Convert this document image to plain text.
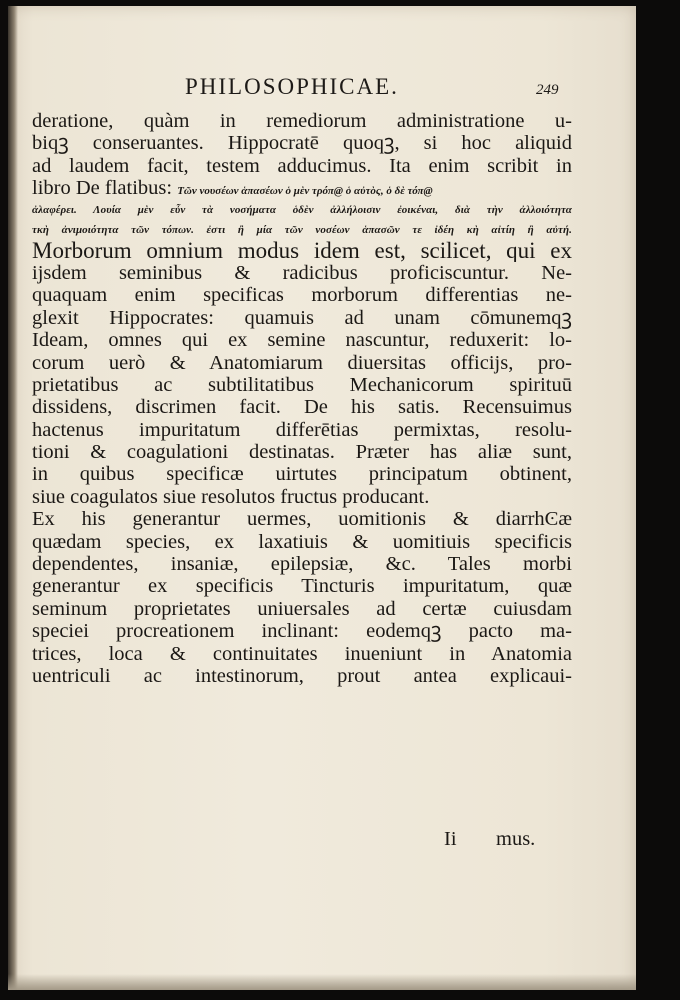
PHILOSOPHICAE.	249
deratione, quàm in remediorum administratione u-
biqꝫ conseruantes. Hippocratē quoqꝫ, si hoc aliquid
ad laudem facit, testem adducimus. Ita enim scribit in
libro De flatibus: Τῶν νουσέων ἁπασέων ὁ μὲν τρόπ@ ὁ αὐτὸς, ὁ δὲ τόπ@
ἀλαφέρει. Λουία μὲν εὖν τὰ νοσήματα ὁδὲν ἀλλήλοισιν ἐοικέναι, διὰ τὴν ἀλλοιότητα
τκὴ ἀνιμοιότητα τῶν τόπων. ἐστι ἢ μία τῶν νοσέων ἁπασῶν τε ἰδέη κὴ αἰτίη ἢ αὐτή.
Morborum omnium modus idem est, scilicet, qui ex
ijsdem seminibus & radicibus proficiscuntur. Ne-
quaquam enim specificas morborum differentias ne-
glexit Hippocrates: quamuis ad unam cōmunemqꝫ
Ideam, omnes qui ex semine nascuntur, reduxerit: lo-
corum uerò & Anatomiarum diuersitas officijs, pro-
prietatibus ac subtilitatibus Mechanicorum spirituū
dissidens, discrimen facit. De his satis. Recensuimus
hactenus impuritatum differētias permixtas, resolu-
tioni & coagulationi destinatas. Præter has aliæ sunt,
in quibus specificæ uirtutes principatum obtinent,
siue coagulatos siue resolutos fructus producant.
Ex his generantur uermes, uomitionis & diarrhϾæ
quædam species, ex laxatiuis & uomitiuis specificis
dependentes, insaniæ, epilepsiæ, &c. Tales morbi
generantur ex specificis Tincturis impuritatum, quæ
seminum proprietates uniuersales ad certæ cuiusdam
speciei procreationem inclinant: eodemqꝫ pacto ma-
trices, loca & continuitates inueniunt in Anatomia
uentriculi ac intestinorum, prout antea explicaui-
Ii mus.
